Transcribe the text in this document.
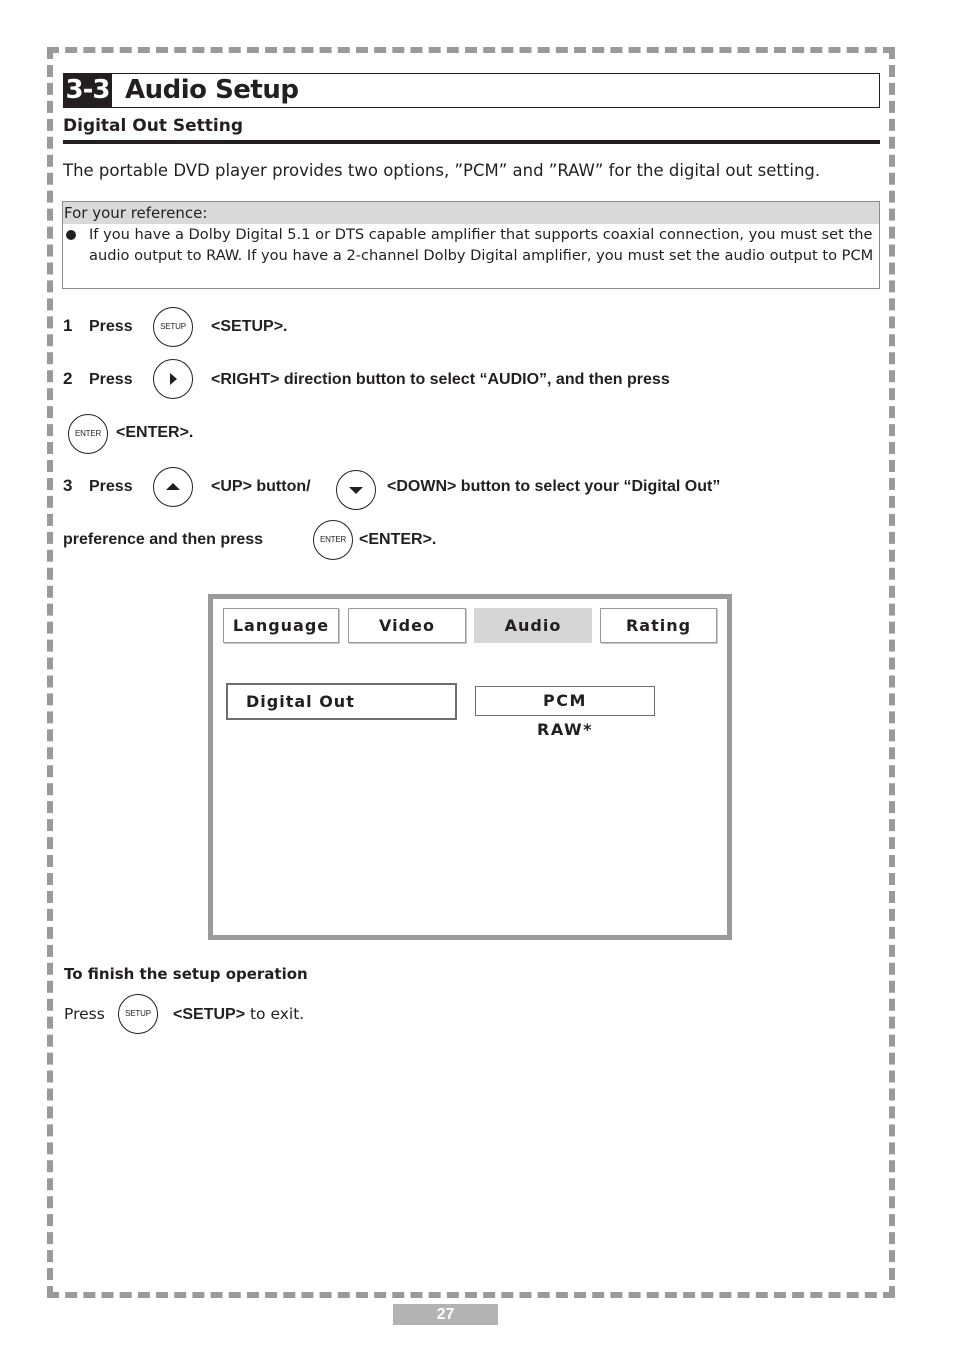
3-3 Audio Setup
Digital Out Setting
The portable DVD player provides two options, ”PCM” and ”RAW” for the digital out setting.
For your reference:
If you have a Dolby Digital 5.1 or DTS capable amplifier that supports coaxial connection, you must set the audio output to RAW. If you have a 2-channel Dolby Digital amplifier, you must set the audio output to PCM
1 Press	SETUP <SETUP>.
2 Press	<RIGHT> direction button to select “AUDIO”, and then press
ENTER <ENTER>.
3 Press	<UP> button/	<DOWN> button to select your “Digital Out”
preference and then press	ENTER <ENTER>.
Language	Video	Audio	Rating
Digital Out	PCM
RAW*
To finish the setup operation
Press	SETUP <SETUP> to exit.
27
